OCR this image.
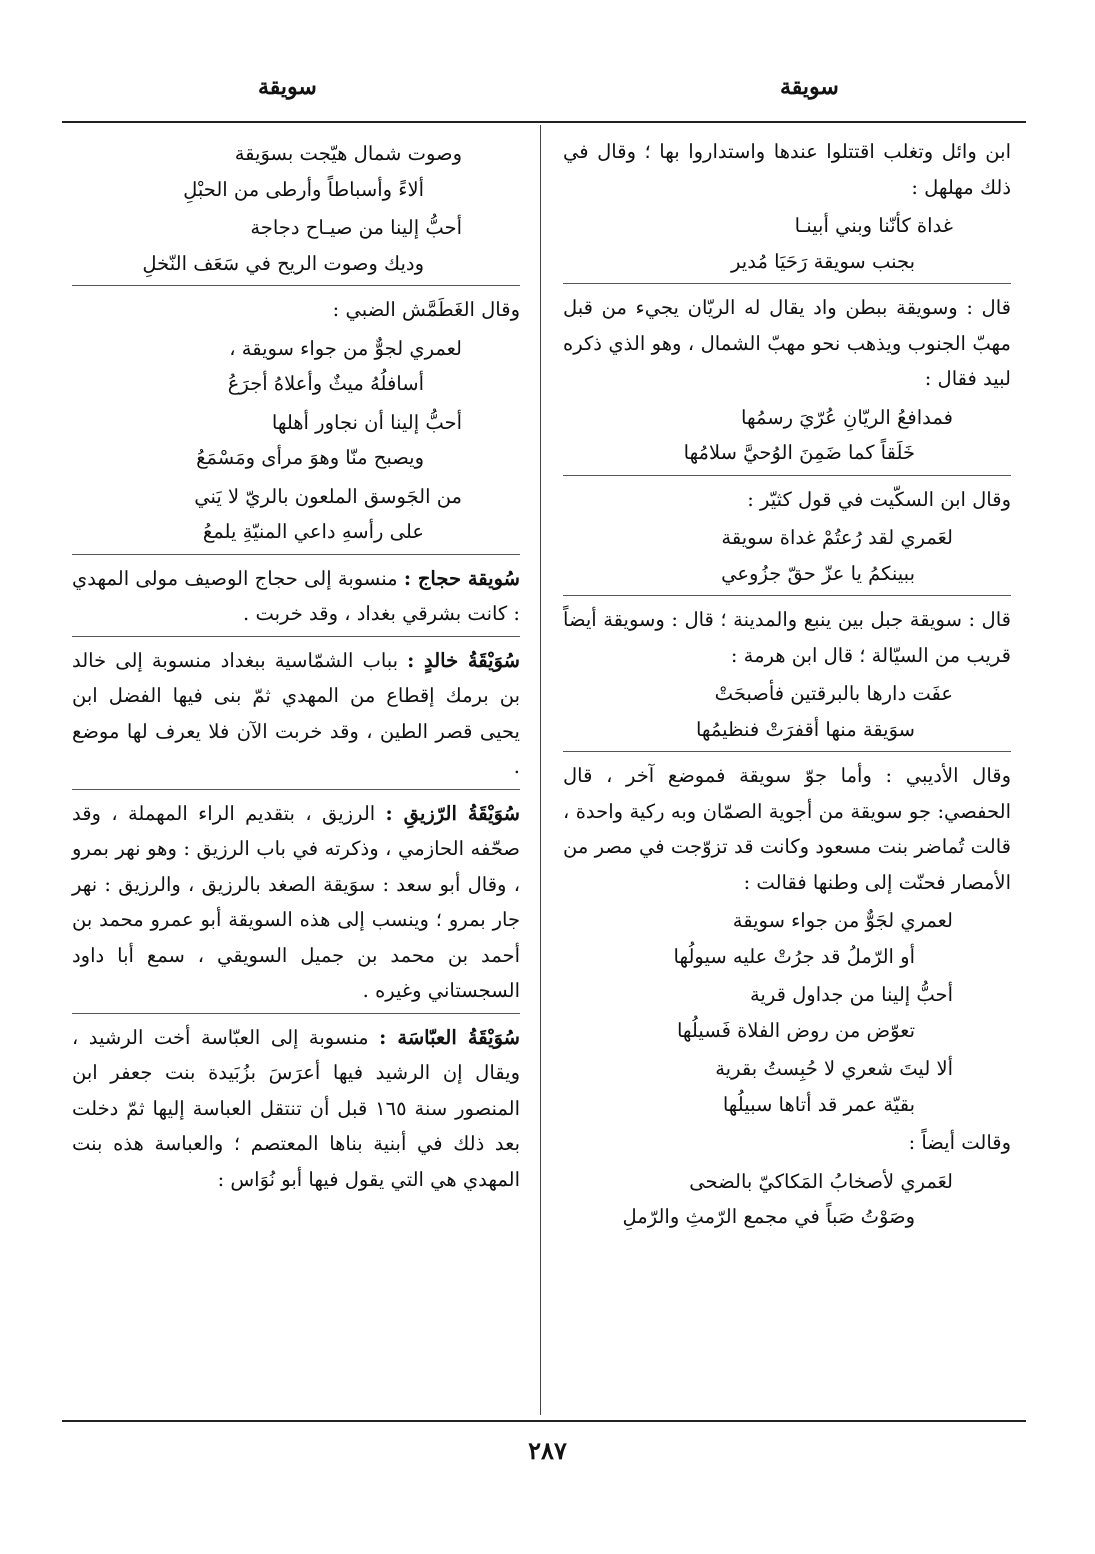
سويقة
سويقة

ابن وائل وتغلب اقتتلوا عندها واستداروا بها ؛ وقال في ذلك مهلهل :

غداة كأنّنا وبني أبينـا
بجنب سويقة رَحَيَا مُدير

قال : وسويقة ببطن واد يقال له الريّان يجيء من قبل مهبّ الجنوب ويذهب نحو مهبّ الشمال ، وهو الذي ذكره لبيد فقال :

فمدافعُ الريّانِ عُرّيَ رسمُها
خَلَقاً كما ضَمِنَ الوُحيَّ سلامُها

وقال ابن السكّيت في قول كثيّر :

لعَمري لقد رُعتُمْ غداة سويقة
ببينكمُ يا عزّ حقّ جزُوعي

قال : سويقة جبل بين ينبع والمدينة ؛ قال : وسويقة أيضاً قريب من السيّالة ؛ قال ابن هرمة :

عفَت دارها بالبرقتين فأصبحَتْ
سوَيقة منها أقفرَتْ فنظيمُها

وقال الأديبي : وأما جوّ سويقة فموضع آخر ، قال الحفصي: جو سويقة من أجوية الصمّان وبه ركية واحدة ، قالت تُماضر بنت مسعود وكانت قد تزوّجت في مصر من الأمصار فحنّت إلى وطنها فقالت :

لعمري لجَوٌّ من جواء سويقة
أو الرّملُ قد جرُتْ عليه سيولُها
أحبُّ إلينا من جداول قرية
تعوّض من روض الفلاة فَسيلُها
ألا ليتَ شعري لا حُبِستُ بقرية
بقيّة عمر قد أتاها سبيلُها

وقالت أيضاً :

لعَمري لأصخابُ المَكاكيّ بالضحى
وصَوْتُ صَباً في مجمع الرّمثِ والرّملِ
وصوت شمال هيّجت بسوَيقة
ألاءً وأسباطاً وأرطى من الحبْلِ
أحبُّ إلينا من صيـاح دجاجة
وديك وصوت الريح في سَعَف النّخلِ

وقال الغَطَمَّش الضبي :

لعمري لجوٌّ من جواء سويقة ،
أسافلُهُ ميثٌ وأعلاهُ أجرَعُ
أحبُّ إلينا أن نجاور أهلها
ويصبح منّا وهوَ مرأى ومَسْمَعُ
من الجَوسق الملعون بالريّ لا يَني
على رأسهِ داعي المنيّةِ يلمعُ

سُويقة حجاج : منسوبة إلى حجاج الوصيف مولى المهدي : كانت بشرقي بغداد ، وقد خربت .

سُوَيْقَةُ خالدٍ : بباب الشمّاسية ببغداد منسوبة إلى خالد بن برمك إقطاع من المهدي ثمّ بنى فيها الفضل ابن يحيى قصر الطين ، وقد خربت الآن فلا يعرف لها موضع .

سُوَيْقَةُ الرّزيقِ : الرزيق ، بتقديم الراء المهملة ، وقد صحّفه الحازمي ، وذكرته في باب الرزيق : وهو نهر بمرو ، وقال أبو سعد : سوَيقة الصغد بالرزيق ، والرزيق : نهر جار بمرو ؛ وينسب إلى هذه السويقة أبو عمرو محمد بن أحمد بن محمد بن جميل السويقي ، سمع أبا داود السجستاني وغيره .

سُوَيْقَةُ العبّاسَة : منسوبة إلى العبّاسة أخت الرشيد ، ويقال إن الرشيد فيها أعرَسَ بزُبَيدة بنت جعفر ابن المنصور سنة ١٦٥ قبل أن تنتقل العباسة إليها ثمّ دخلت بعد ذلك في أبنية بناها المعتصم ؛ والعباسة هذه بنت المهدي هي التي يقول فيها أبو نُوَاس :

٢٨٧
